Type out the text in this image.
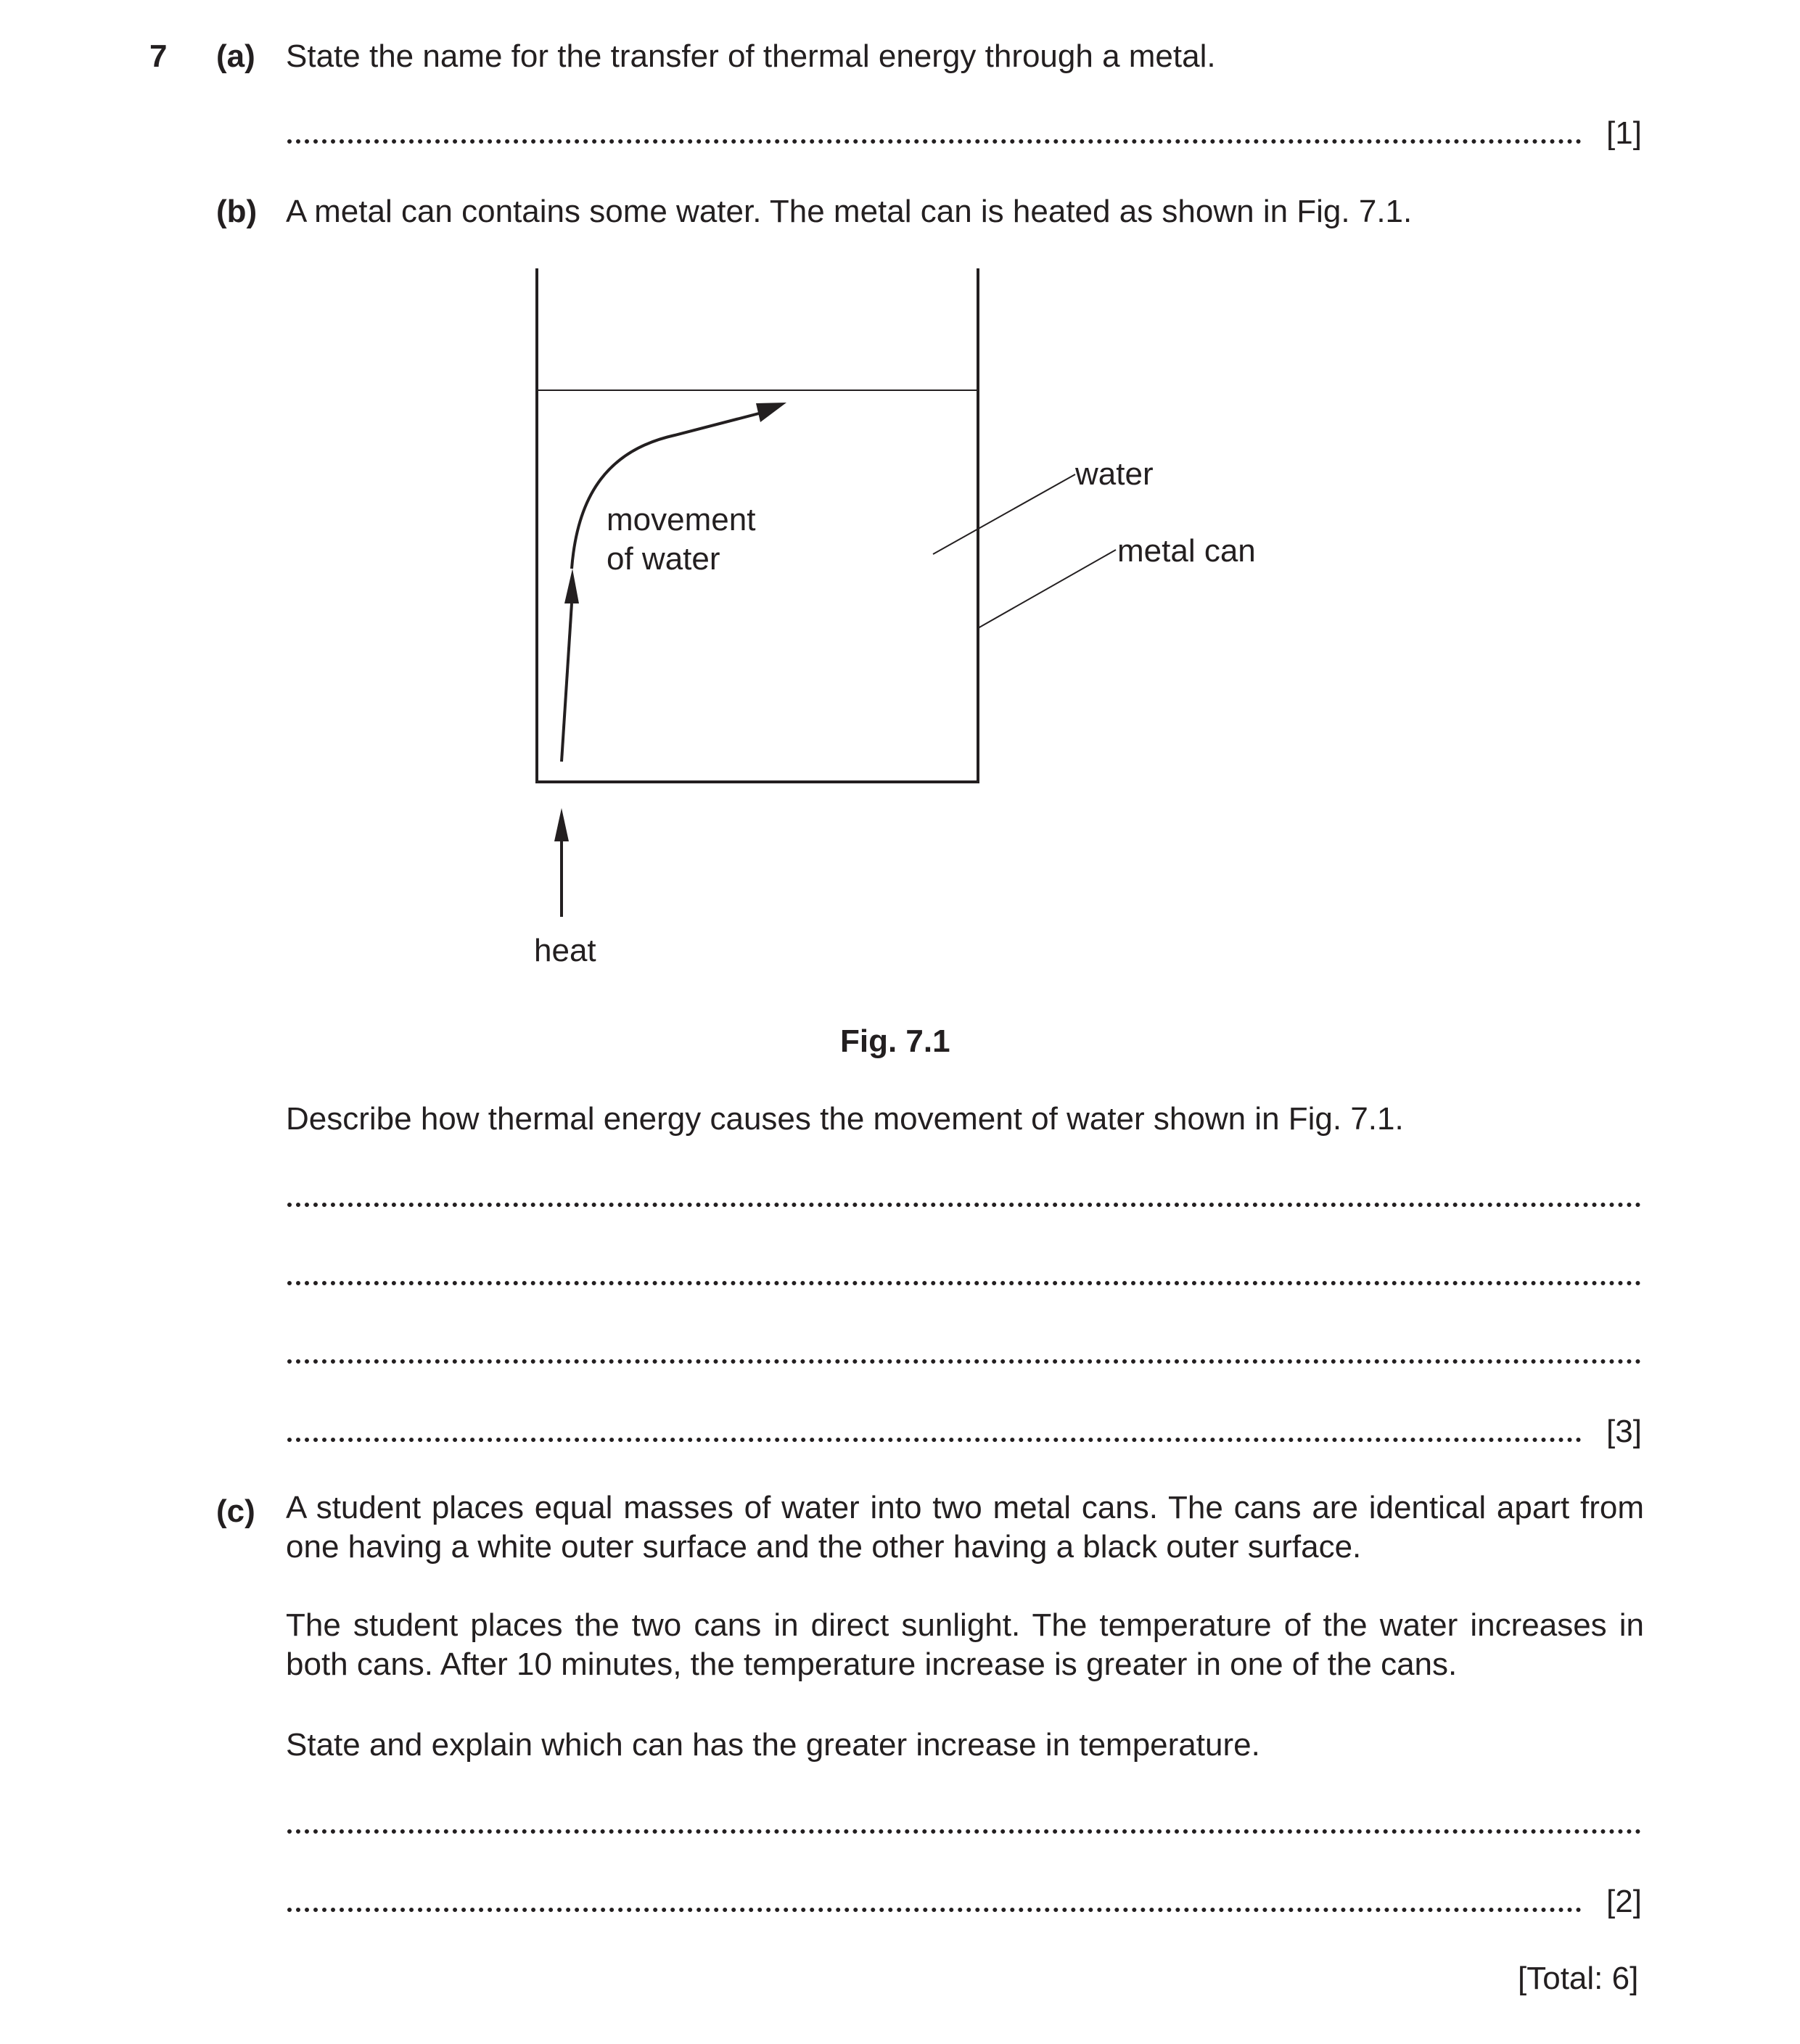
7 (a) State the name for the transfer of thermal energy through a metal.
[1]
(b) A metal can contains some water. The metal can is heated as shown in Fig. 7.1.
water
metal can
movement
of water
heat
Fig. 7.1
Describe how thermal energy causes the movement of water shown in Fig. 7.1.
[3]
(c) A student places equal masses of water into two metal cans. The cans are identical apart from one having a white outer surface and the other having a black outer surface.

The student places the two cans in direct sunlight. The temperature of the water increases in both cans. After 10 minutes, the temperature increase is greater in one of the cans.

State and explain which can has the greater increase in temperature.
[2]
[Total: 6]
